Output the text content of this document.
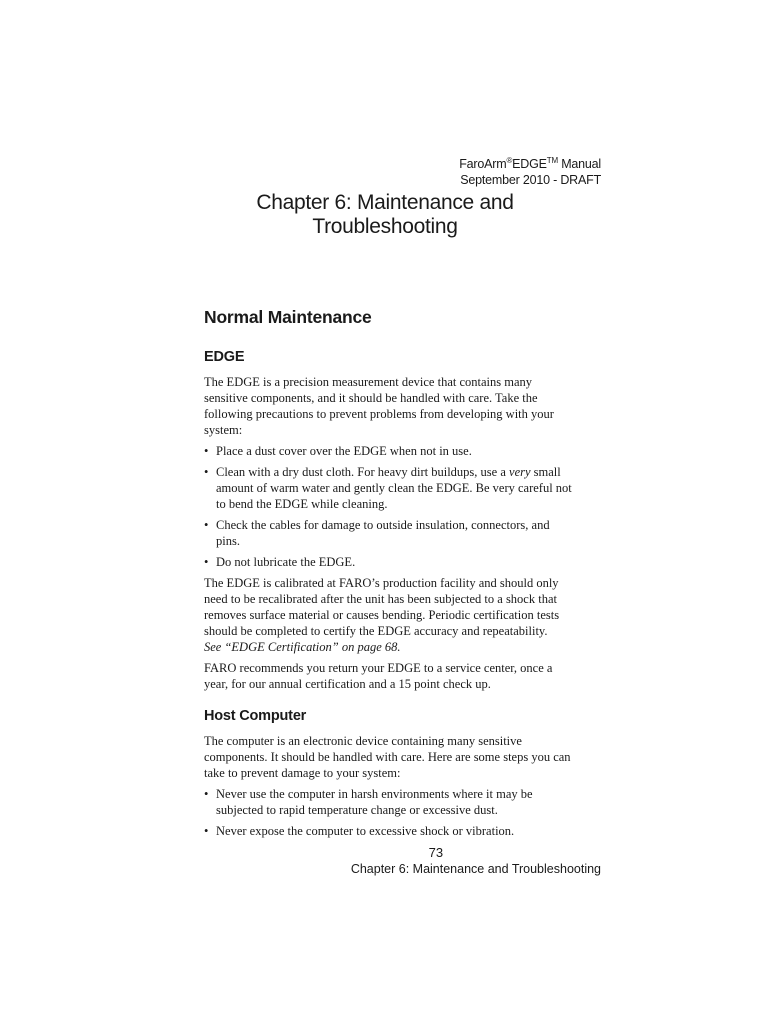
FaroArm®EDGE™ Manual
September 2010 - DRAFT
Chapter 6: Maintenance and
Troubleshooting
Normal Maintenance
EDGE

The EDGE is a precision measurement device that contains many sensitive components, and it should be handled with care. Take the following precautions to prevent problems from developing with your system:

• Place a dust cover over the EDGE when not in use.
• Clean with a dry dust cloth. For heavy dirt buildups, use a very small amount of warm water and gently clean the EDGE. Be very careful not to bend the EDGE while cleaning.
• Check the cables for damage to outside insulation, connectors, and pins.
• Do not lubricate the EDGE.

The EDGE is calibrated at FARO’s production facility and should only need to be recalibrated after the unit has been subjected to a shock that removes surface material or causes bending. Periodic certification tests should be completed to certify the EDGE accuracy and repeatability.
See “EDGE Certification” on page 68.

FARO recommends you return your EDGE to a service center, once a year, for our annual certification and a 15 point check up.

Host Computer

The computer is an electronic device containing many sensitive components. It should be handled with care. Here are some steps you can take to prevent damage to your system:

• Never use the computer in harsh environments where it may be subjected to rapid temperature change or excessive dust.
• Never expose the computer to excessive shock or vibration.
73
Chapter 6: Maintenance and Troubleshooting
